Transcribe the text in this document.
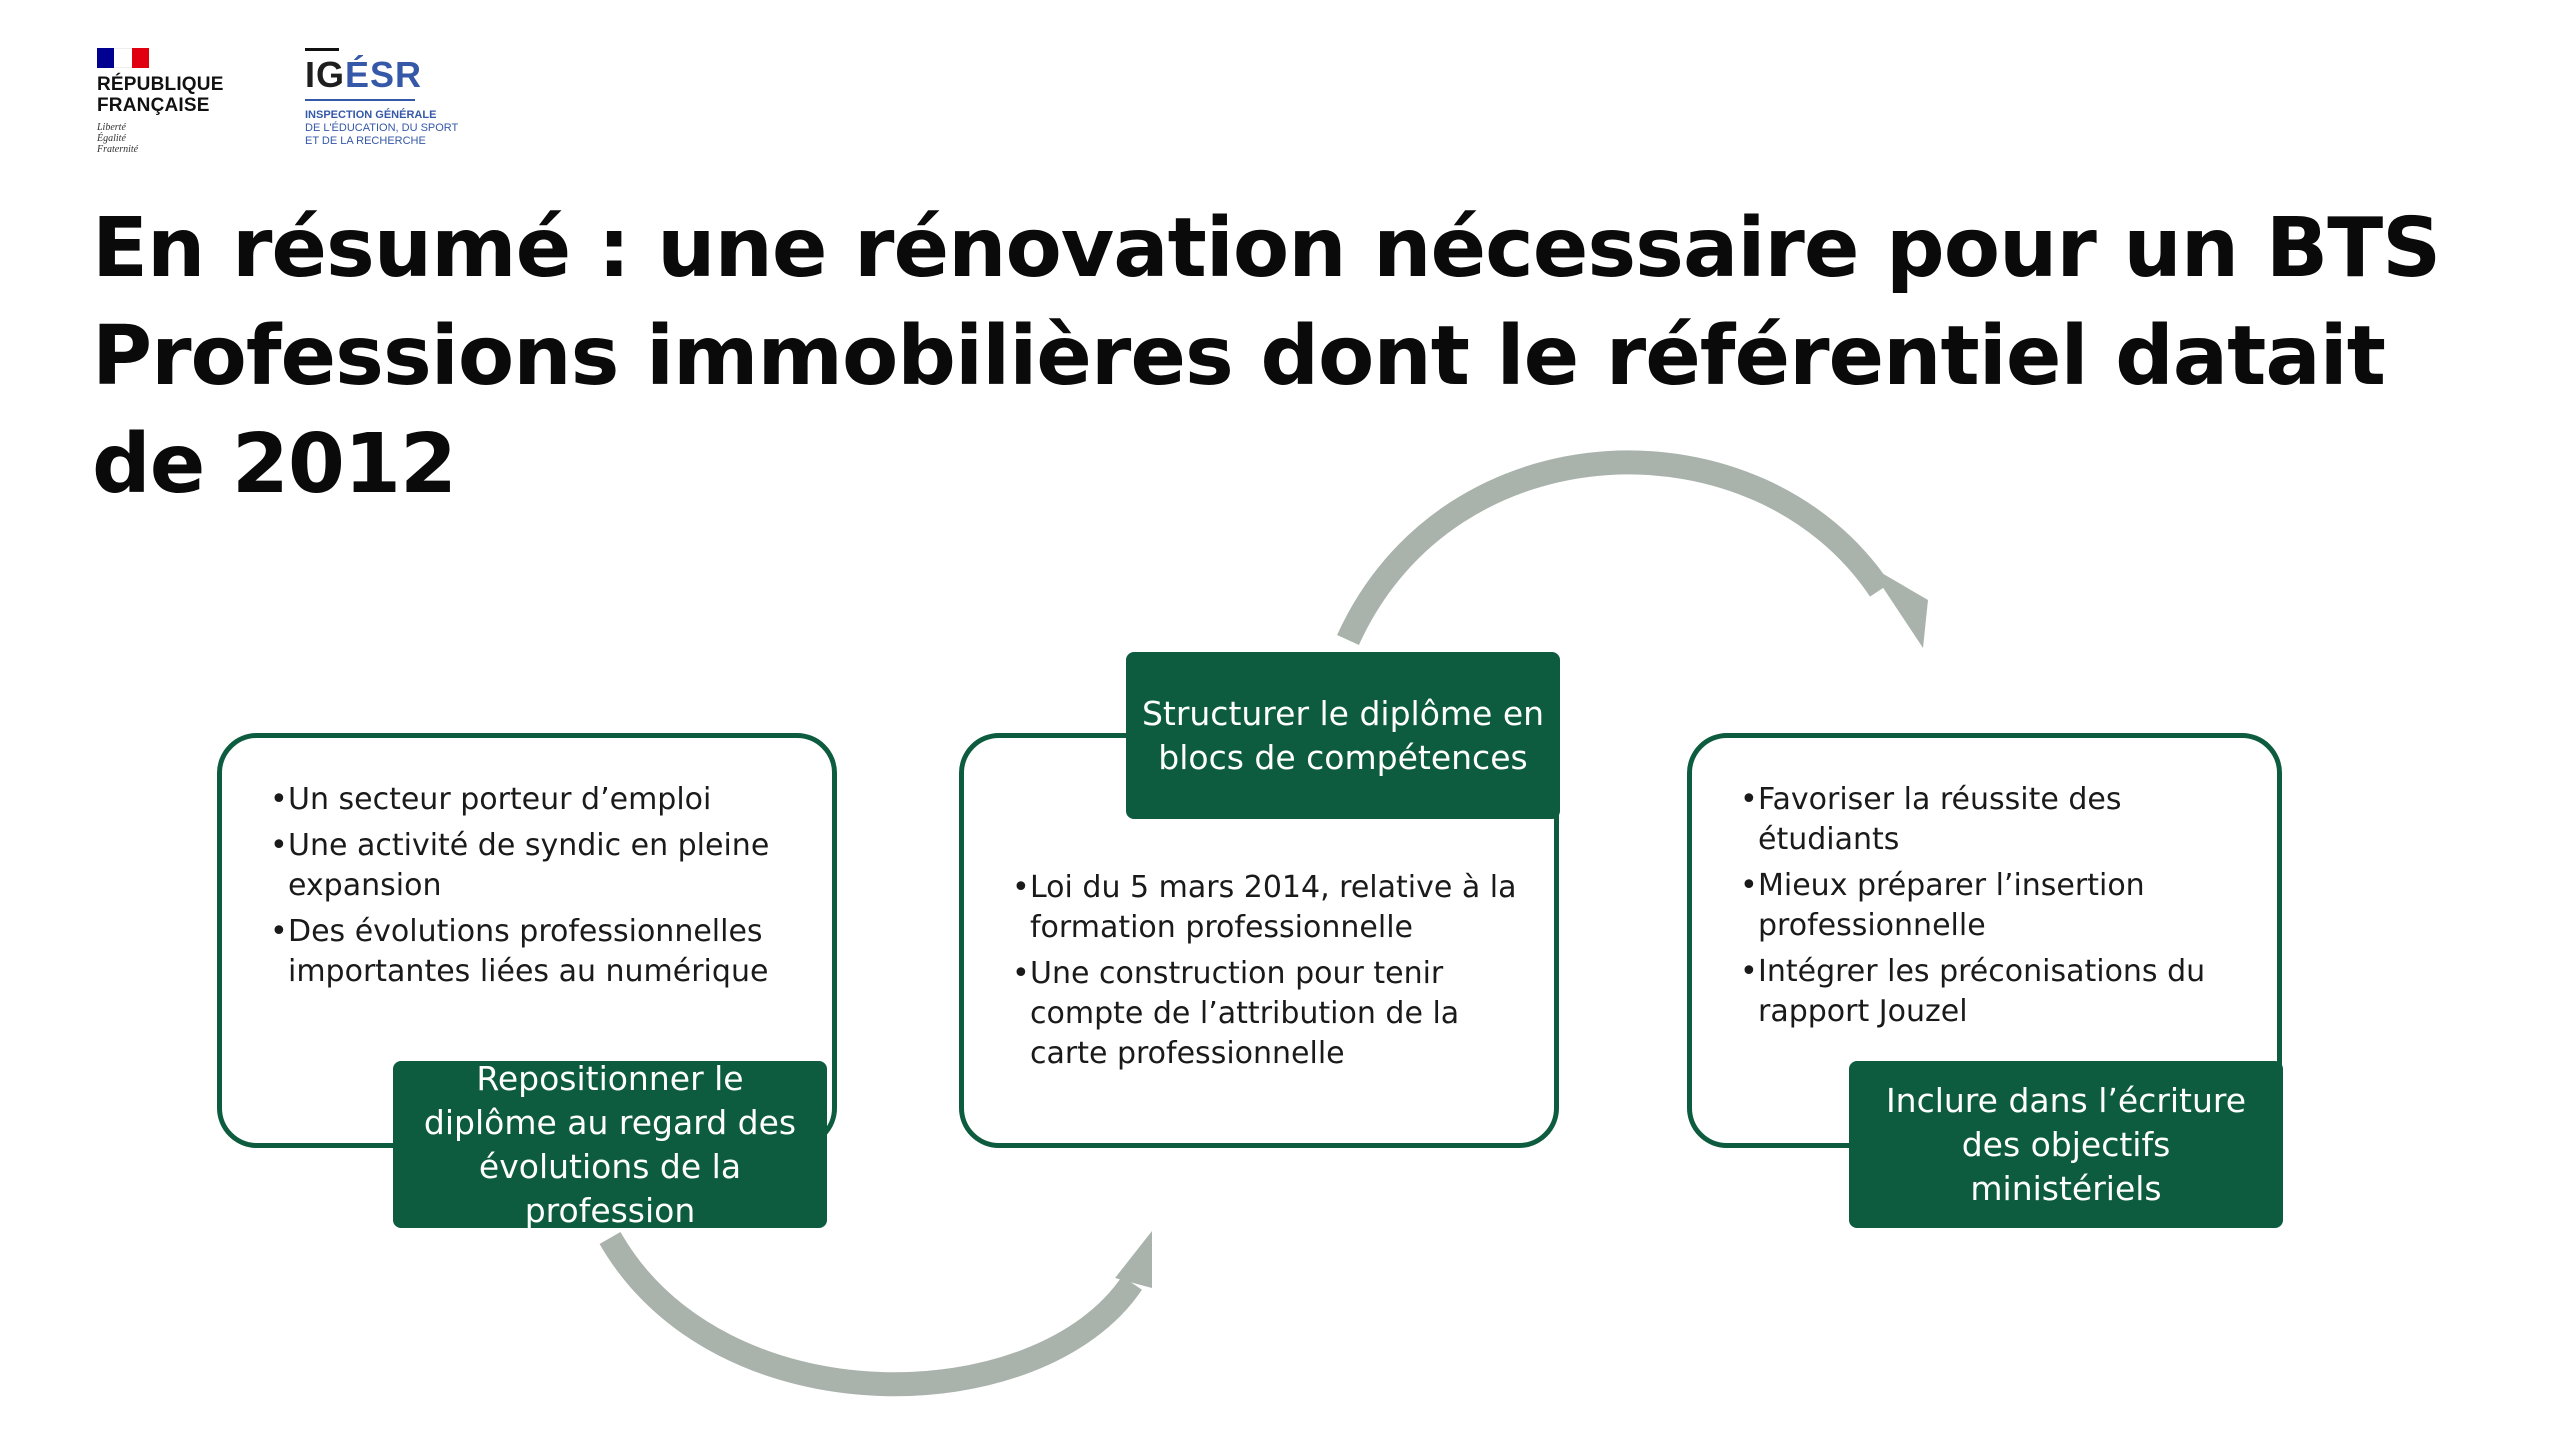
RÉPUBLIQUE
FRANÇAISE
Liberté
Égalité
Fraternité
IGÉSR
INSPECTION GÉNÉRALE
DE L'ÉDUCATION, DU SPORT
ET DE LA RECHERCHE
En résumé : une rénovation nécessaire pour un BTS Professions immobilières dont le référentiel datait de 2012
• Un secteur porteur d’emploi
• Une activité de syndic en pleine expansion
• Des évolutions professionnelles importantes liées au numérique
Repositionner le diplôme au regard des évolutions de la profession
• Loi du 5 mars 2014, relative à la formation professionnelle
• Une construction pour tenir compte de l’attribution de la carte professionnelle
Structurer le diplôme en blocs de compétences
• Favoriser la réussite des étudiants
• Mieux préparer l’insertion professionnelle
• Intégrer les préconisations du rapport Jouzel
Inclure dans l’écriture des objectifs ministériels
